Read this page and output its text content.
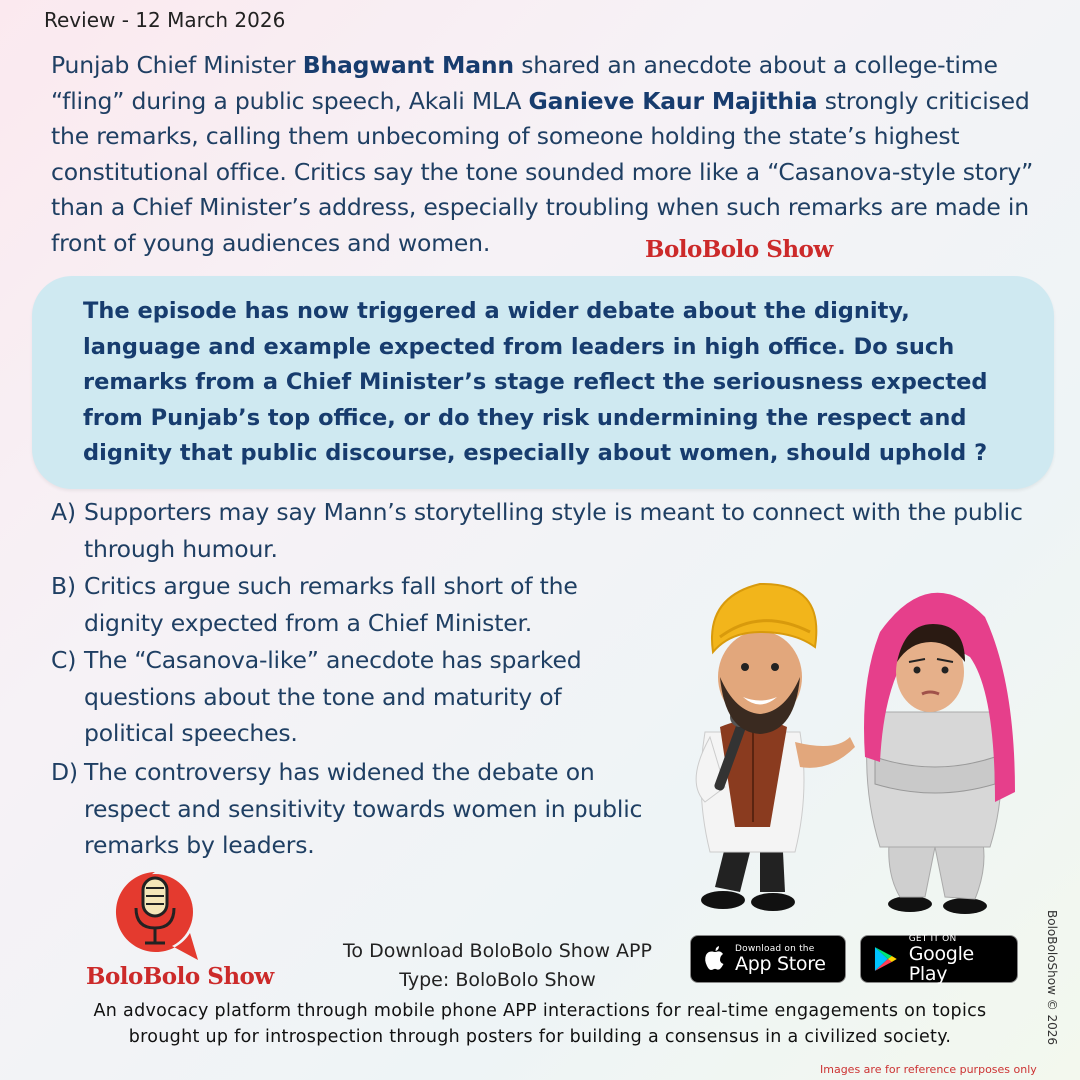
Review - 12 March 2026
Punjab Chief Minister Bhagwant Mann shared an anecdote about a college-time “fling” during a public speech, Akali MLA Ganieve Kaur Majithia strongly criticised the remarks, calling them unbecoming of someone holding the state’s highest constitutional office. Critics say the tone sounded more like a “Casanova-style story” than a Chief Minister’s address, especially troubling when such remarks are made in front of young audiences and women.	BoloBolo Show
The episode has now triggered a wider debate about the dignity, language and example expected from leaders in high office. Do such remarks from a Chief Minister’s stage reflect the seriousness expected from Punjab’s top office, or do they risk undermining the respect and dignity that public discourse, especially about women, should uphold ?
A) Supporters may say Mann’s storytelling style is meant to connect with the public through humour.
B) Critics argue such remarks fall short of the dignity expected from a Chief Minister.
C) The “Casanova-like” anecdote has sparked questions about the tone and maturity of political speeches.
D) The controversy has widened the debate on respect and sensitivity towards women in public remarks by leaders.
BoloBolo Show
To Download BoloBolo Show APP
Type: BoloBolo Show
Download on the
App Store
GET IT ON
Google Play
An advocacy platform through mobile phone APP interactions for real-time engagements on topics
brought up for introspection through posters for building a consensus in a civilized society.	BoloBoloShow © 2026
Images are for reference purposes only
